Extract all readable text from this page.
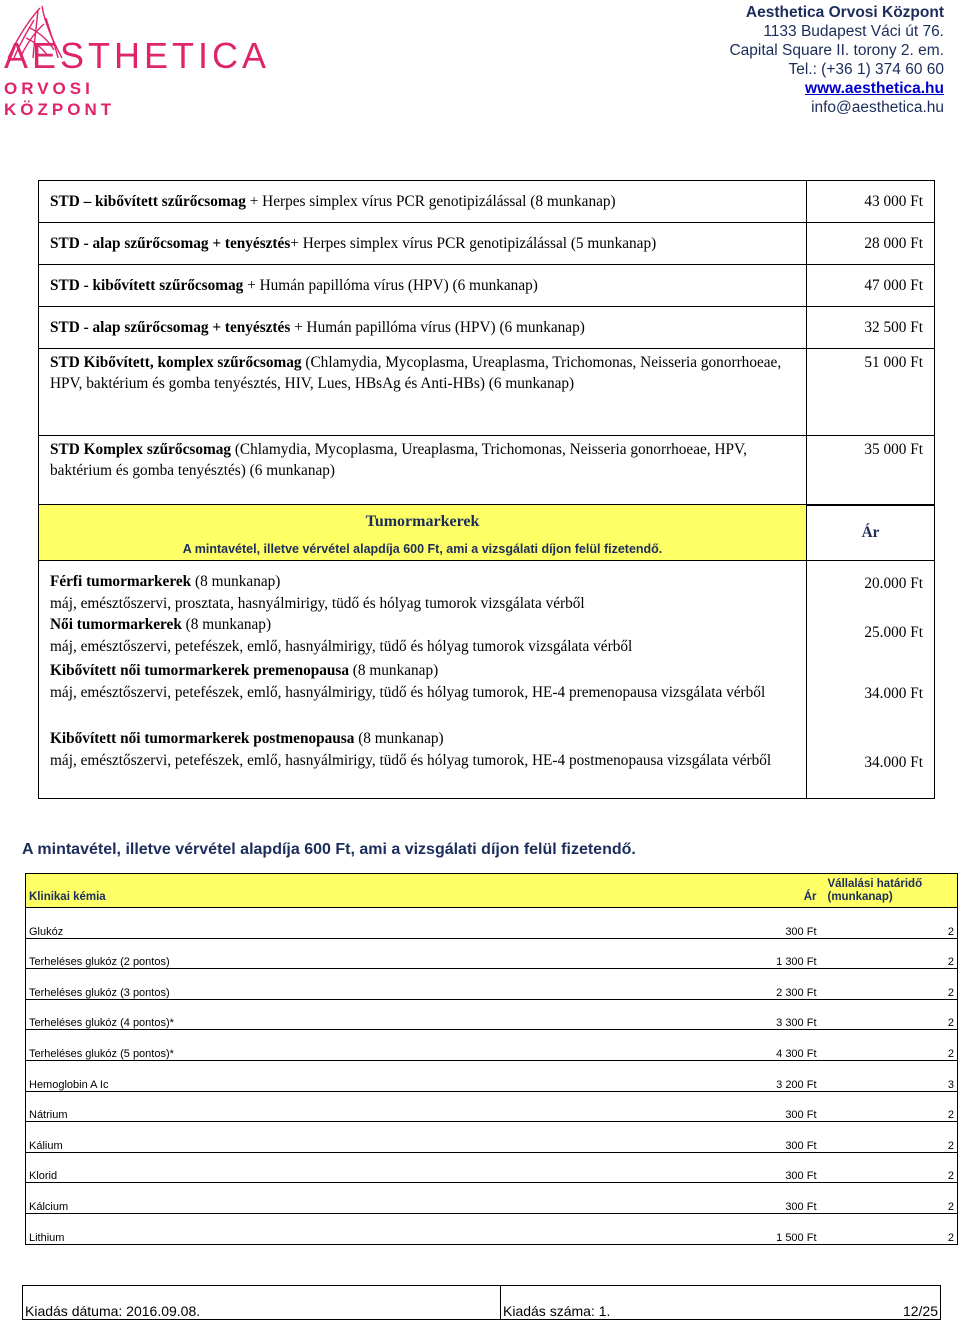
AESTHETICA
ORVOSI
KÖZPONT
Aesthetica Orvosi Központ
1133 Budapest Váci út 76.
Capital Square II. torony 2. em.
Tel.: (+36 1) 374 60 60
www.aesthetica.hu
info@aesthetica.hu
STD – kibővített szűrőcsomag + Herpes simplex vírus PCR genotipizálással (8 munkanap)	43 000 Ft
STD - alap szűrőcsomag + tenyésztés+ Herpes simplex vírus PCR genotipizálással (5 munkanap)	28 000 Ft
STD - kibővített szűrőcsomag + Humán papillóma vírus (HPV) (6 munkanap)	47 000 Ft
STD - alap szűrőcsomag + tenyésztés + Humán papillóma vírus (HPV) (6 munkanap)	32 500 Ft
STD Kibővített, komplex szűrőcsomag (Chlamydia, Mycoplasma, Ureaplasma, Trichomonas, Neisseria gonorrhoeae, HPV, baktérium és gomba tenyésztés, HIV, Lues, HBsAg és Anti-HBs) (6 munkanap)	51 000 Ft
STD Komplex szűrőcsomag (Chlamydia, Mycoplasma, Ureaplasma, Trichomonas, Neisseria gonorrhoeae, HPV, baktérium és gomba tenyésztés) (6 munkanap)	35 000 Ft
Tumormarkerek
A mintavétel, illetve vérvétel alapdíja 600 Ft, ami a vizsgálati díjon felül fizetendő.	Ár

Férfi tumormarkerek (8 munkanap)
máj, emésztőszervi, prosztata, hasnyálmirigy, tüdő és hólyag tumorok vizsgálata vérből	20.000 Ft

Női tumormarkerek (8 munkanap)
máj, emésztőszervi, petefészek, emlő, hasnyálmirigy, tüdő és hólyag tumorok vizsgálata vérből	25.000 Ft

Kibővített női tumormarkerek premenopausa (8 munkanap)
máj, emésztőszervi, petefészek, emlő, hasnyálmirigy, tüdő és hólyag tumorok, HE-4 premenopausa vizsgálata vérből	34.000 Ft

Kibővített női tumormarkerek postmenopausa (8 munkanap)
máj, emésztőszervi, petefészek, emlő, hasnyálmirigy, tüdő és hólyag tumorok, HE-4 postmenopausa vizsgálata vérből	34.000 Ft
A mintavétel, illetve vérvétel alapdíja 600 Ft, ami a vizsgálati díjon felül fizetendő.
Klinikai kémia	Ár	Vállalási határidő (munkanap)
Glukóz	300 Ft	2
Terheléses glukóz (2 pontos)	1 300 Ft	2
Terheléses glukóz (3 pontos)	2 300 Ft	2
Terheléses glukóz (4 pontos)*	3 300 Ft	2
Terheléses glukóz (5 pontos)*	4 300 Ft	2
Hemoglobin A Ic	3 200 Ft	3
Nátrium	300 Ft	2
Kálium	300 Ft	2
Klorid	300 Ft	2
Kálcium	300 Ft	2
Lithium	1 500 Ft	2
Kiadás dátuma: 2016.09.08.	Kiadás száma: 1.	12/25
